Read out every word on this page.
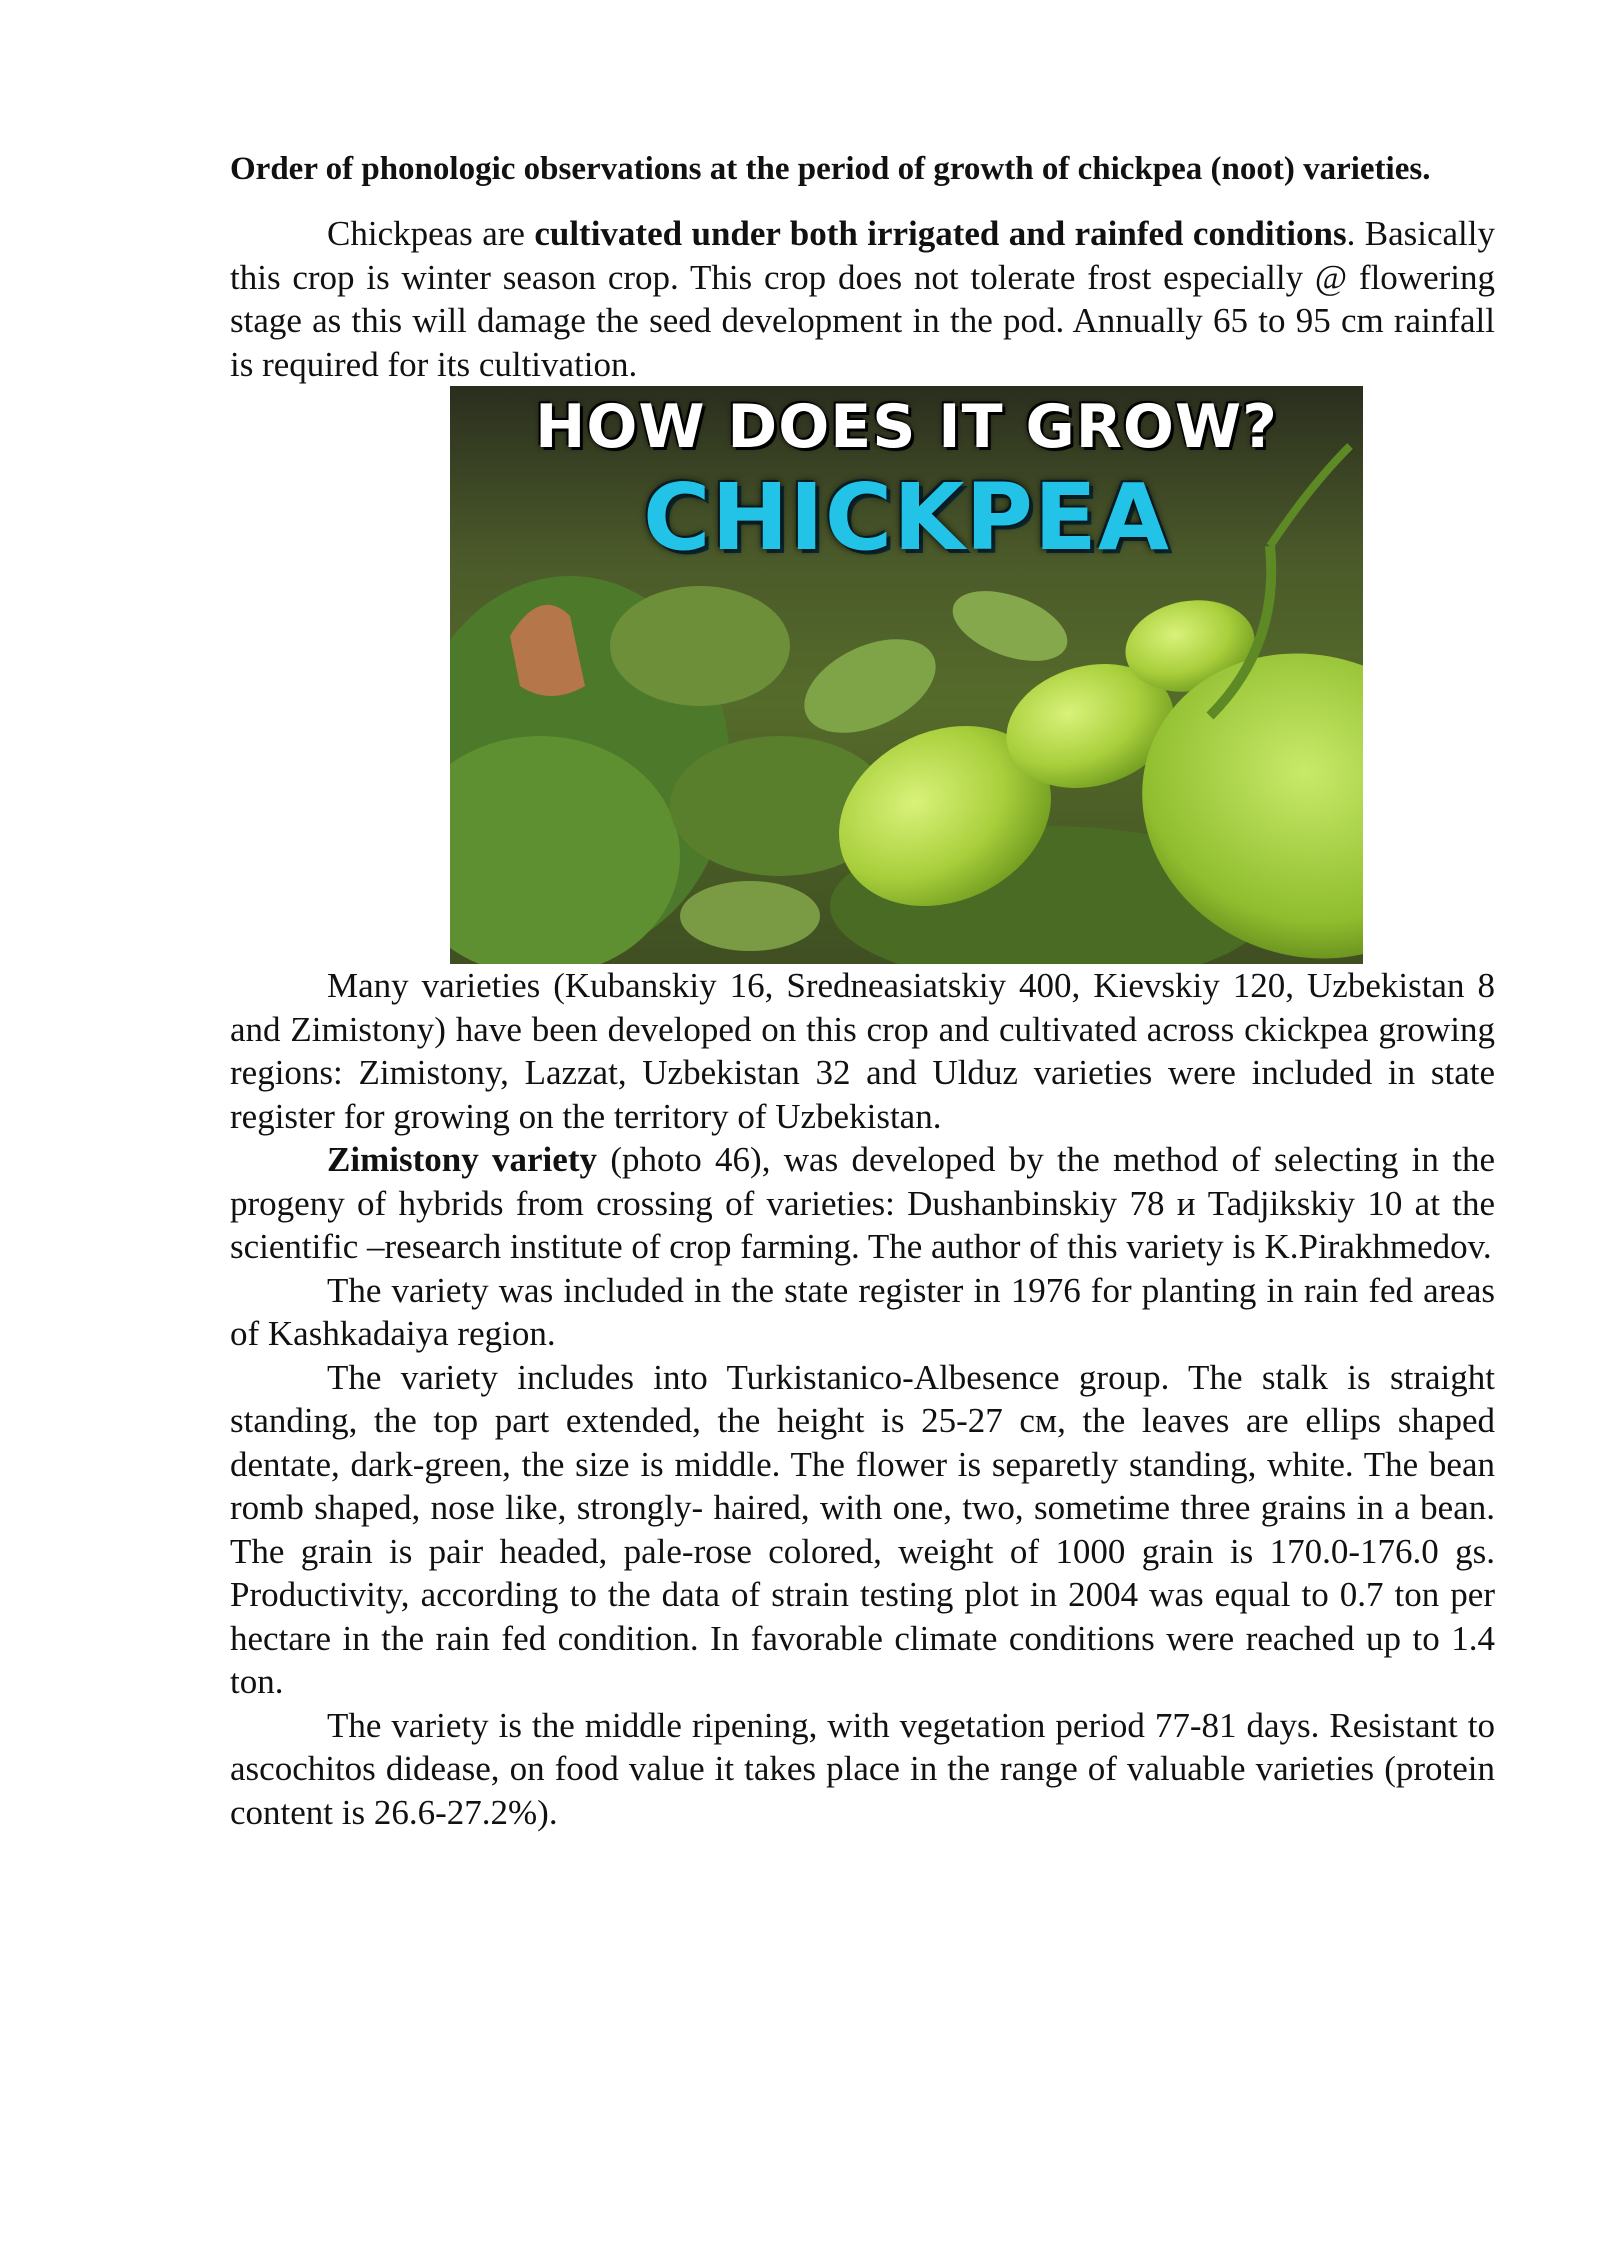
Order of phonologic observations at the period of growth of chickpea (noot) varieties.

Chickpeas are cultivated under both irrigated and rainfed conditions. Basically this crop is winter season crop. This crop does not tolerate frost especially @ flowering stage as this will damage the seed development in the pod. Annually 65 to 95 cm rainfall is required for its cultivation.

HOW DOES IT GROW?
CHICKPEA

Many varieties (Kubanskiy 16, Sredneasiatskiy 400, Kievskiy 120, Uzbekistan 8 and Zimistony) have been developed on this crop and cultivated across ckickpea growing regions: Zimistony, Lazzat, Uzbekistan 32 and Ulduz varieties were included in state register for growing on the territory of Uzbekistan.

Zimistony variety (photo 46), was developed by the method of selecting in the progeny of hybrids from crossing of varieties: Dushanbinskiy 78 и Tadjikskiy 10 at the scientific –research institute of crop farming. The author of this variety is K.Pirakhmedov.

The variety was included in the state register in 1976 for planting in rain fed areas of Kashkadaiya region.

The variety includes into Turkistanico-Albesence group. The stalk is straight standing, the top part extended, the height is 25-27 см, the leaves are ellips shaped dentate, dark-green, the size is middle. The flower is separetly standing, white. The bean romb shaped, nose like, strongly- haired, with one, two, sometime three grains in a bean. The grain is pair headed, pale-rose colored, weight of 1000 grain is 170.0-176.0 gs. Productivity, according to the data of strain testing plot in 2004 was equal to 0.7 ton per hectare in the rain fed condition. In favorable climate conditions were reached up to 1.4 ton.

The variety is the middle ripening, with vegetation period 77-81 days. Resistant to ascochitos didease, on food value it takes place in the range of valuable varieties (protein content is 26.6-27.2%).
